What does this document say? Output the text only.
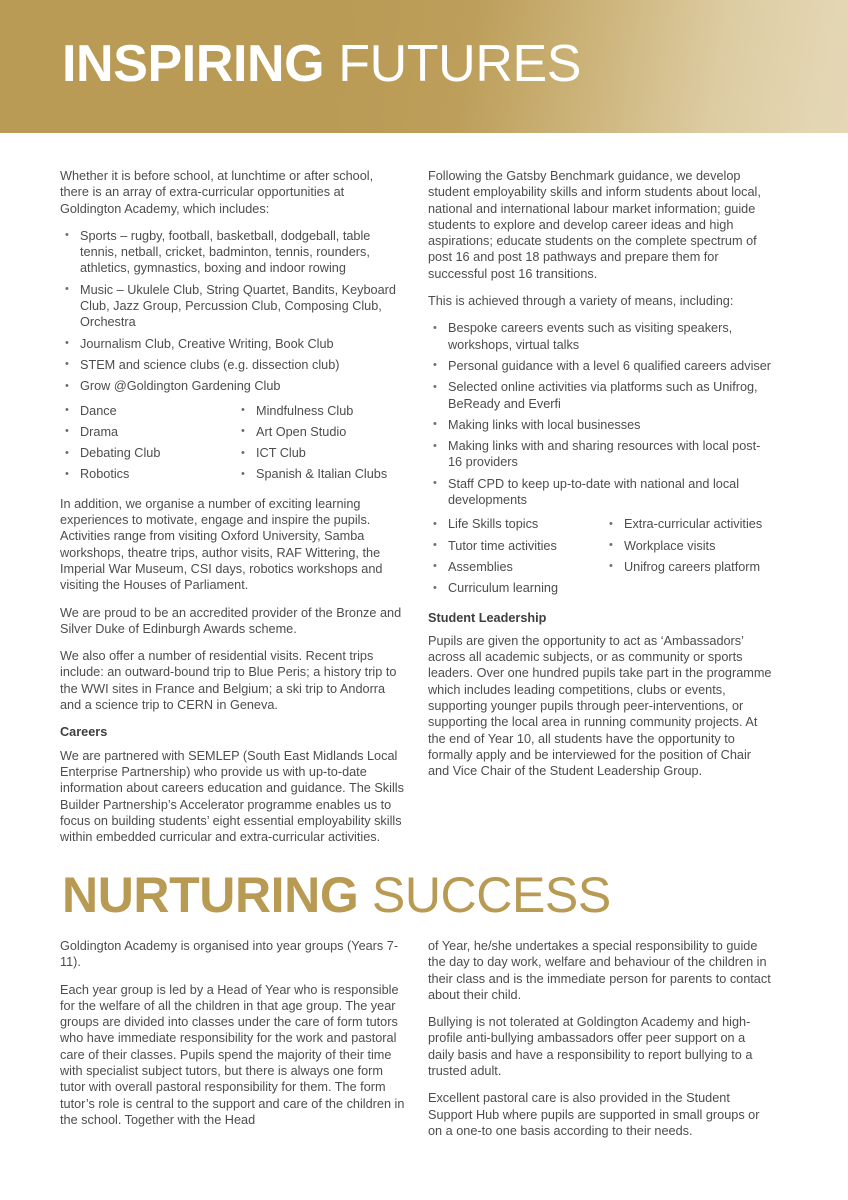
INSPIRING FUTURES

Whether it is before school, at lunchtime or after school, there is an array of extra-curricular opportunities at Goldington Academy, which includes:

• Sports – rugby, football, basketball, dodgeball, table tennis, netball, cricket, badminton, tennis, rounders, athletics, gymnastics, boxing and indoor rowing
• Music – Ukulele Club, String Quartet, Bandits, Keyboard Club, Jazz Group, Percussion Club, Composing Club, Orchestra
• Journalism Club, Creative Writing, Book Club
• STEM and science clubs (e.g. dissection club)
• Grow @Goldington Gardening Club
• Dance
• Drama
• Debating Club
• Robotics
• Mindfulness Club
• Art Open Studio
• ICT Club
• Spanish & Italian Clubs

In addition, we organise a number of exciting learning experiences to motivate, engage and inspire the pupils. Activities range from visiting Oxford University, Samba workshops, theatre trips, author visits, RAF Wittering, the Imperial War Museum, CSI days, robotics workshops and visiting the Houses of Parliament.

We are proud to be an accredited provider of the Bronze and Silver Duke of Edinburgh Awards scheme.

We also offer a number of residential visits. Recent trips include: an outward-bound trip to Blue Peris; a history trip to the WWI sites in France and Belgium; a ski trip to Andorra and a science trip to CERN in Geneva.

Careers

We are partnered with SEMLEP (South East Midlands Local Enterprise Partnership) who provide us with up-to-date information about careers education and guidance. The Skills Builder Partnership’s Accelerator programme enables us to focus on building students’ eight essential employability skills within embedded curricular and extra-curricular activities.

Following the Gatsby Benchmark guidance, we develop student employability skills and inform students about local, national and international labour market information; guide students to explore and develop career ideas and high aspirations; educate students on the complete spectrum of post 16 and post 18 pathways and prepare them for successful post 16 transitions.

This is achieved through a variety of means, including:

• Bespoke careers events such as visiting speakers, workshops, virtual talks
• Personal guidance with a level 6 qualified careers adviser
• Selected online activities via platforms such as Unifrog, BeReady and Everfi
• Making links with local businesses
• Making links with and sharing resources with local post-16 providers
• Staff CPD to keep up-to-date with national and local developments
• Life Skills topics
• Tutor time activities
• Assemblies
• Curriculum learning
• Extra-curricular activities
• Workplace visits
• Unifrog careers platform
Student Leadership

Pupils are given the opportunity to act as ‘Ambassadors’ across all academic subjects, or as community or sports leaders. Over one hundred pupils take part in the programme which includes leading competitions, clubs or events, supporting younger pupils through peer-interventions, or supporting the local area in running community projects. At the end of Year 10, all students have the opportunity to formally apply and be interviewed for the position of Chair and Vice Chair of the Student Leadership Group.

NURTURING SUCCESS

Goldington Academy is organised into year groups (Years 7-11).

Each year group is led by a Head of Year who is responsible for the welfare of all the children in that age group. The year groups are divided into classes under the care of form tutors who have immediate responsibility for the work and pastoral care of their classes. Pupils spend the majority of their time with specialist subject tutors, but there is always one form tutor with overall pastoral responsibility for them. The form tutor’s role is central to the support and care of the children in the school. Together with the Head

of Year, he/she undertakes a special responsibility to guide the day to day work, welfare and behaviour of the children in their class and is the immediate person for parents to contact about their child.

Bullying is not tolerated at Goldington Academy and high-profile anti-bullying ambassadors offer peer support on a daily basis and have a responsibility to report bullying to a trusted adult.

Excellent pastoral care is also provided in the Student Support Hub where pupils are supported in small groups or on a one-to one basis according to their needs.
